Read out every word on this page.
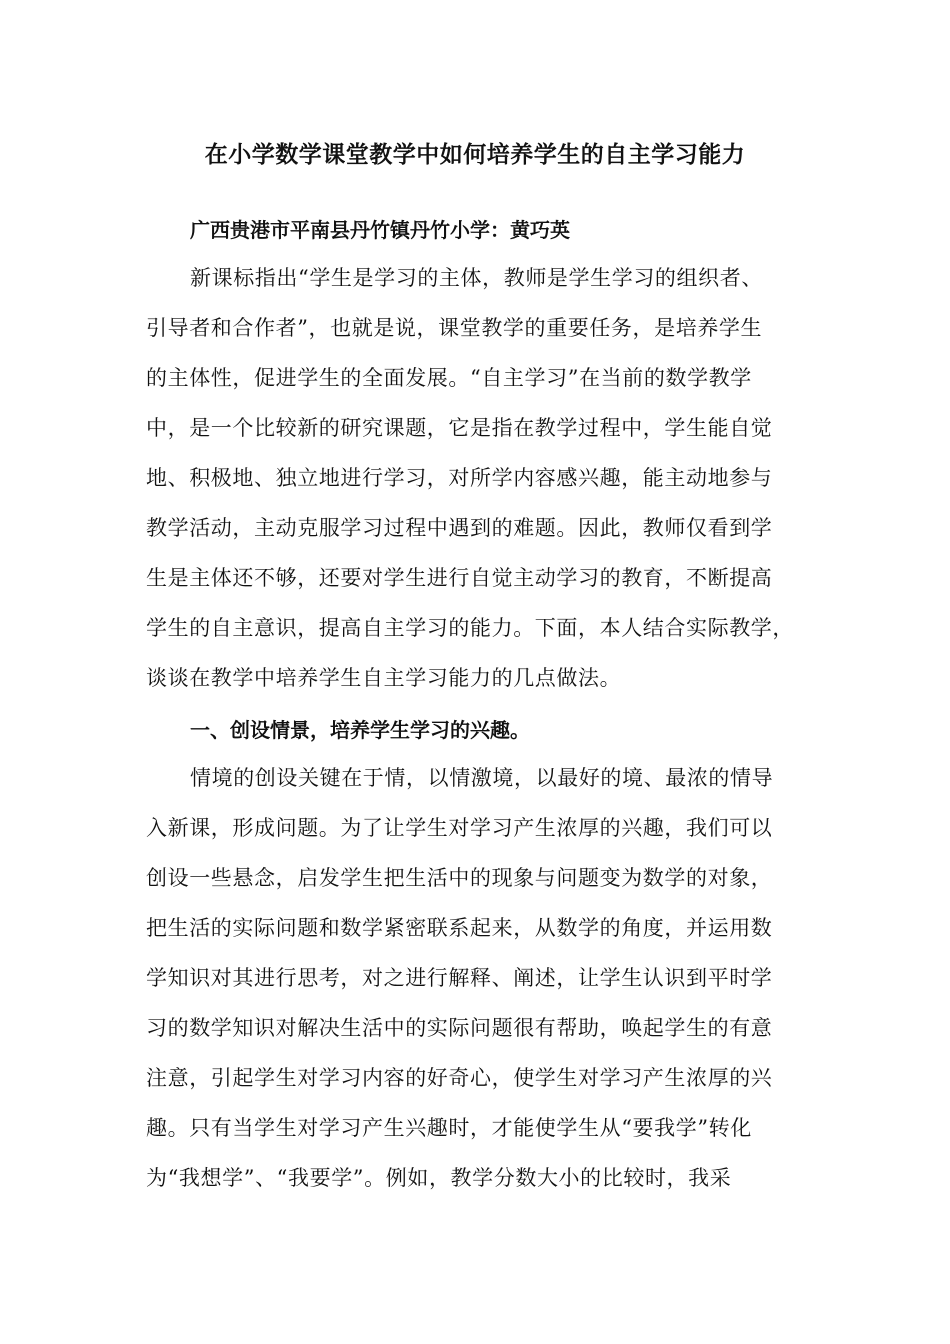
在小学数学课堂教学中如何培养学生的自主学习能力
广西贵港市平南县丹竹镇丹竹小学：黄巧英
新课标指出“学生是学习的主体，教师是学生学习的组织者、
引导者和合作者”，也就是说，课堂教学的重要任务，是培养学生
的主体性，促进学生的全面发展。“自主学习”在当前的数学教学
中，是一个比较新的研究课题，它是指在教学过程中，学生能自觉
地、积极地、独立地进行学习，对所学内容感兴趣，能主动地参与
教学活动，主动克服学习过程中遇到的难题。因此，教师仅看到学
生是主体还不够，还要对学生进行自觉主动学习的教育，不断提高
学生的自主意识，提高自主学习的能力。下面，本人结合实际教学，
谈谈在教学中培养学生自主学习能力的几点做法。
一、创设情景，培养学生学习的兴趣。
情境的创设关键在于情，以情激境，以最好的境、最浓的情导
入新课，形成问题。为了让学生对学习产生浓厚的兴趣，我们可以
创设一些悬念，启发学生把生活中的现象与问题变为数学的对象，
把生活的实际问题和数学紧密联系起来，从数学的角度，并运用数
学知识对其进行思考，对之进行解释、阐述，让学生认识到平时学
习的数学知识对解决生活中的实际问题很有帮助，唤起学生的有意
注意，引起学生对学习内容的好奇心，使学生对学习产生浓厚的兴
趣。只有当学生对学习产生兴趣时，才能使学生从“要我学”转化
为“我想学”、“我要学”。例如，教学分数大小的比较时，我采
